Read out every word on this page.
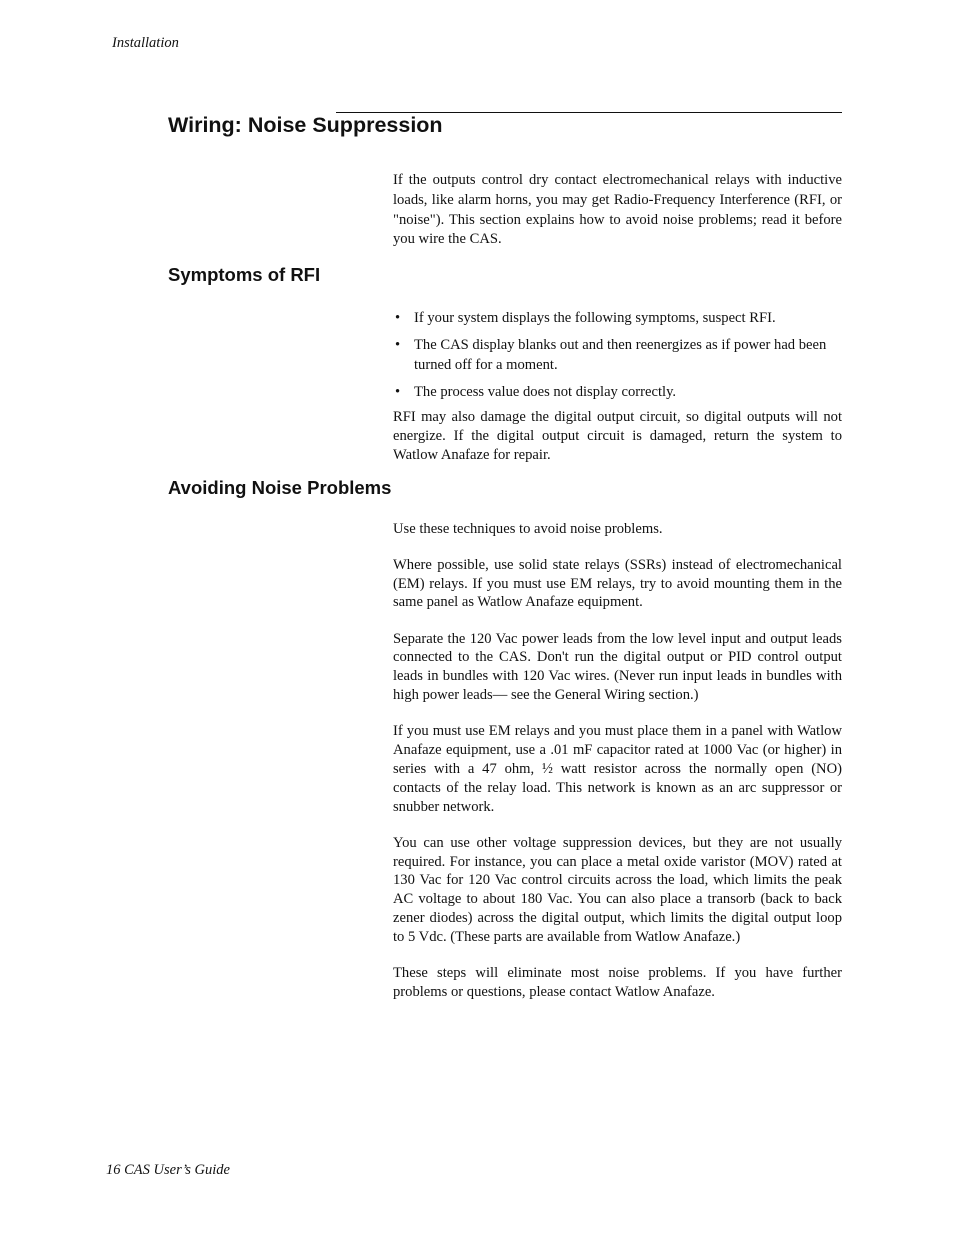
Installation
Wiring: Noise Suppression

If the outputs control dry contact electromechanical relays with inductive loads, like alarm horns, you may get Radio-Frequency Interference (RFI, or "noise"). This section explains how to avoid noise problems; read it before you wire the CAS.

Symptoms of RFI
• If your system displays the following symptoms, suspect RFI.
• The CAS display blanks out and then reenergizes as if power had been turned off for a moment.
• The process value does not display correctly.

RFI may also damage the digital output circuit, so digital outputs will not energize. If the digital output circuit is damaged, return the system to Watlow Anafaze for repair.

Avoiding Noise Problems

Use these techniques to avoid noise problems.

Where possible, use solid state relays (SSRs) instead of electromechanical (EM) relays. If you must use EM relays, try to avoid mounting them in the same panel as Watlow Anafaze equipment.

Separate the 120 Vac power leads from the low level input and output leads connected to the CAS. Don't run the digital output or PID control output leads in bundles with 120 Vac wires. (Never run input leads in bundles with high power leads— see the General Wiring section.)

If you must use EM relays and you must place them in a panel with Watlow Anafaze equipment, use a .01 mF capacitor rated at 1000 Vac (or higher) in series with a 47 ohm, ½ watt resistor across the normally open (NO) contacts of the relay load. This network is known as an arc suppressor or snubber network.

You can use other voltage suppression devices, but they are not usually required. For instance, you can place a metal oxide varistor (MOV) rated at 130 Vac for 120 Vac control circuits across the load, which limits the peak AC voltage to about 180 Vac. You can also place a transorb (back to back zener diodes) across the digital output, which limits the digital output loop to 5 Vdc. (These parts are available from Watlow Anafaze.)

These steps will eliminate most noise problems. If you have further problems or questions, please contact Watlow Anafaze.

16 CAS User’s Guide
